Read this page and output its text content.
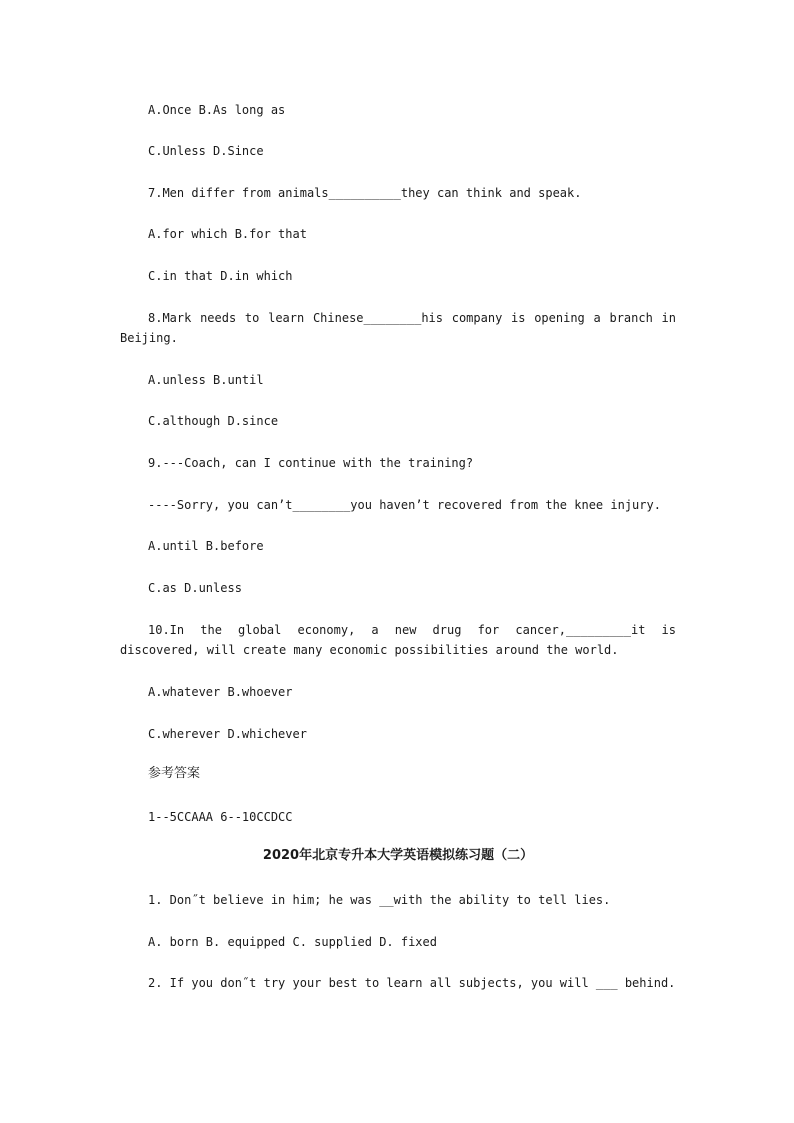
A.Once B.As long as
C.Unless D.Since
7.Men differ from animals__________they can think and speak.
A.for which B.for that
C.in that D.in which
8.Mark needs to learn Chinese________his company is opening a branch in Beijing.
A.unless B.until
C.although D.since
9.---Coach, can I continue with the training?
----Sorry, you can’t________you haven’t recovered from the knee injury.
A.until B.before
C.as D.unless
10.In the global economy, a new drug for cancer,_________it is discovered, will create many economic possibilities around the world.
A.whatever B.whoever
C.wherever D.whichever
参考答案
1--5CCAAA 6--10CCDCC
2020年北京专升本大学英语模拟练习题（二）
1. Don˝t believe in him; he was __with the ability to tell lies.
A. born B. equipped C. supplied D. fixed
2. If you don˝t try your best to learn all subjects, you will ___ behind.
